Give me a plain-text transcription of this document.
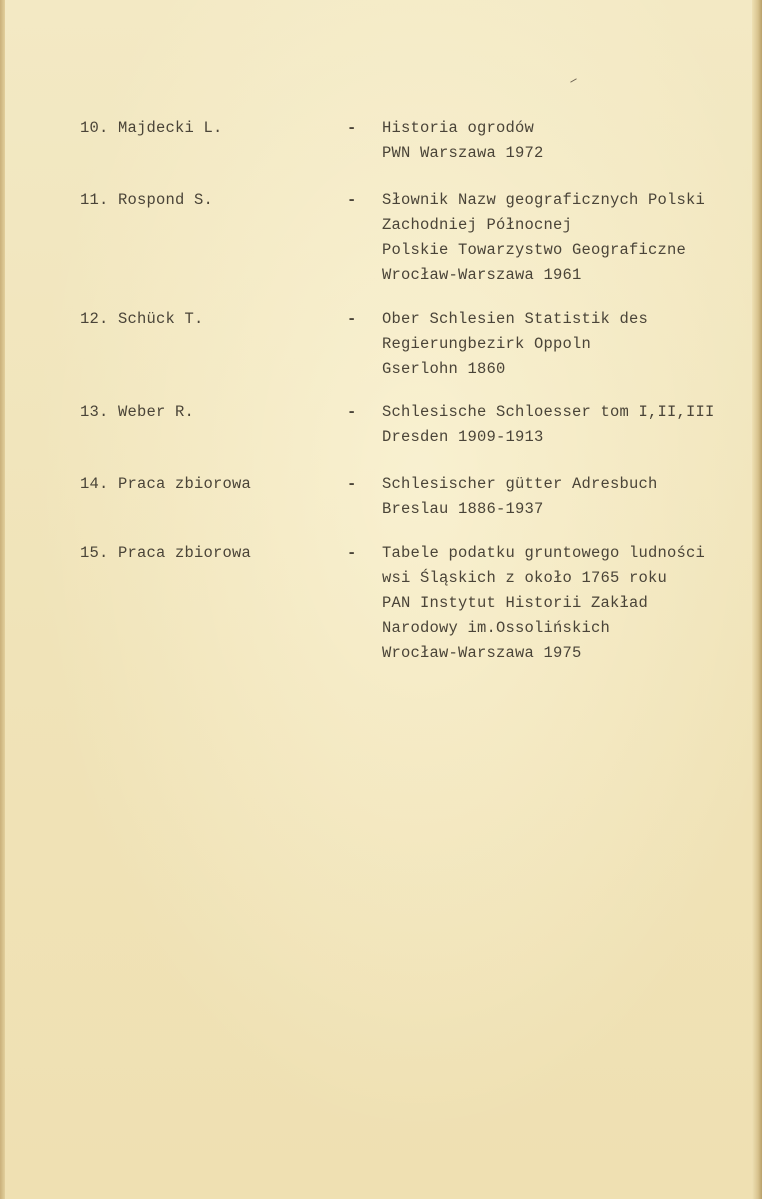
10. Majdecki L.	- Historia ogrodów
PWN Warszawa 1972
11. Rospond S.	- Słownik Nazw geograficznych Polski
Zachodniej Północnej
Polskie Towarzystwo Geograficzne
Wrocław-Warszawa 1961
12. Schück T.	- Ober Schlesien Statistik des
Regierungbezirk Oppoln
Gserlohn 1860
13. Weber R.	- Schlesische Schloesser tom I,II,III
Dresden 1909-1913
14. Praca zbiorowa	- Schlesischer gütter Adresbuch
Breslau 1886-1937
15. Praca zbiorowa	- Tabele podatku gruntowego ludności
wsi Śląskich z około 1765 roku
PAN Instytut Historii Zakład
Narodowy im.Ossolińskich
Wrocław-Warszawa 1975
